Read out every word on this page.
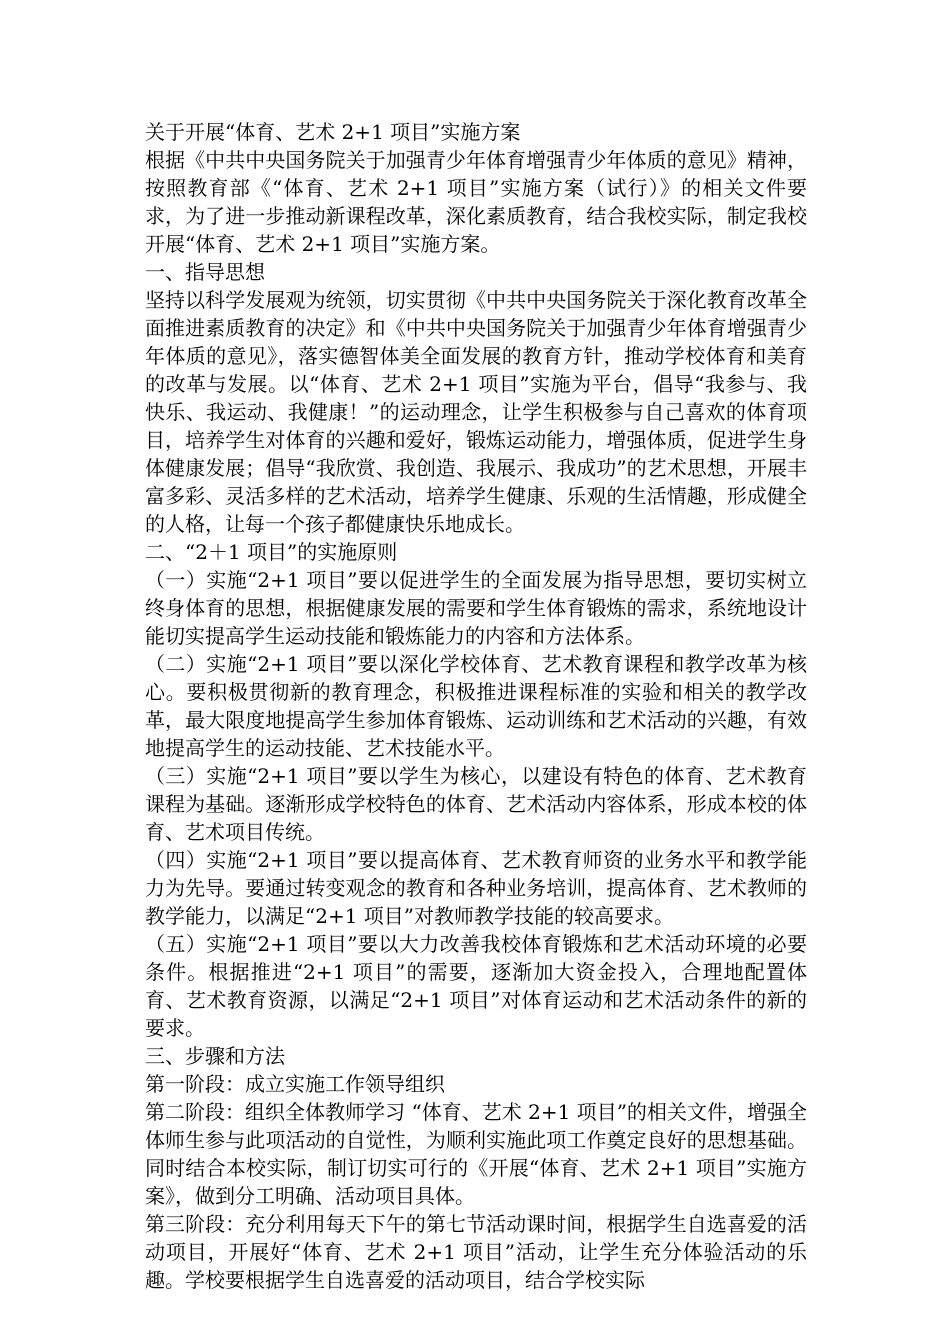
关于开展“体育、艺术 2+1 项目”实施方案

根据《中共中央国务院关于加强青少年体育增强青少年体质的意见》精神，按照教育部《“体育、艺术 2+1 项目”实施方案（试行）》的相关文件要求，为了进一步推动新课程改革，深化素质教育，结合我校实际，制定我校开展“体育、艺术 2+1 项目”实施方案。

一、指导思想

坚持以科学发展观为统领，切实贯彻《中共中央国务院关于深化教育改革全面推进素质教育的决定》和《中共中央国务院关于加强青少年体育增强青少年体质的意见》，落实德智体美全面发展的教育方针，推动学校体育和美育的改革与发展。以“体育、艺术 2+1 项目”实施为平台，倡导“我参与、我快乐、我运动、我健康！”的运动理念，让学生积极参与自己喜欢的体育项目，培养学生对体育的兴趣和爱好，锻炼运动能力，增强体质，促进学生身体健康发展；倡导“我欣赏、我创造、我展示、我成功”的艺术思想，开展丰富多彩、灵活多样的艺术活动，培养学生健康、乐观的生活情趣，形成健全的人格，让每一个孩子都健康快乐地成长。

二、“2＋1 项目”的实施原则

（一）实施“2+1 项目”要以促进学生的全面发展为指导思想，要切实树立终身体育的思想，根据健康发展的需要和学生体育锻炼的需求，系统地设计能切实提高学生运动技能和锻炼能力的内容和方法体系。

（二）实施“2+1 项目”要以深化学校体育、艺术教育课程和教学改革为核心。要积极贯彻新的教育理念，积极推进课程标准的实验和相关的教学改革，最大限度地提高学生参加体育锻炼、运动训练和艺术活动的兴趣，有效地提高学生的运动技能、艺术技能水平。

（三）实施“2+1 项目”要以学生为核心，以建设有特色的体育、艺术教育课程为基础。逐渐形成学校特色的体育、艺术活动内容体系，形成本校的体育、艺术项目传统。

（四）实施“2+1 项目”要以提高体育、艺术教育师资的业务水平和教学能力为先导。要通过转变观念的教育和各种业务培训，提高体育、艺术教师的教学能力，以满足“2+1 项目”对教师教学技能的较高要求。

（五）实施“2+1 项目”要以大力改善我校体育锻炼和艺术活动环境的必要条件。根据推进“2+1 项目”的需要，逐渐加大资金投入，合理地配置体育、艺术教育资源，以满足“2+1 项目”对体育运动和艺术活动条件的新的要求。

三、步骤和方法

第一阶段：成立实施工作领导组织

第二阶段：组织全体教师学习 “体育、艺术 2+1 项目”的相关文件，增强全体师生参与此项活动的自觉性，为顺利实施此项工作奠定良好的思想基础。同时结合本校实际，制订切实可行的《开展“体育、艺术 2+1 项目”实施方案》，做到分工明确、活动项目具体。

第三阶段：充分利用每天下午的第七节活动课时间，根据学生自选喜爱的活动项目，开展好“体育、艺术 2+1 项目”活动，让学生充分体验活动的乐趣。学校要根据学生自选喜爱的活动项目，结合学校实际
